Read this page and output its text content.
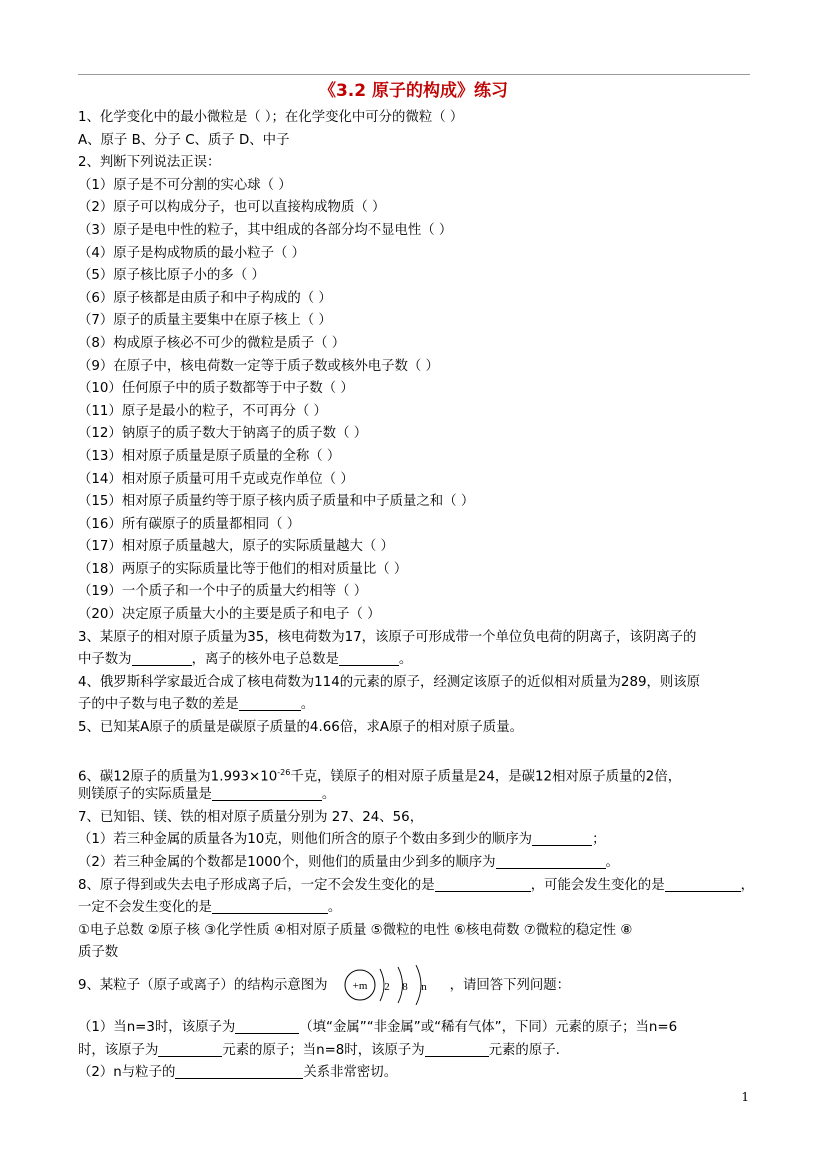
《3.2 原子的构成》练习
1、化学变化中的最小微粒是（ ）；在化学变化中可分的微粒（ ）
A、原子 B、分子 C、质子 D、中子
2、判断下列说法正误：
（1）原子是不可分割的实心球（ ）
（2）原子可以构成分子，也可以直接构成物质（ ）
（3）原子是电中性的粒子，其中组成的各部分均不显电性（ ）
（4）原子是构成物质的最小粒子（ ）
（5）原子核比原子小的多（ ）
（6）原子核都是由质子和中子构成的（ ）
（7）原子的质量主要集中在原子核上（ ）
（8）构成原子核必不可少的微粒是质子（ ）
（9）在原子中，核电荷数一定等于质子数或核外电子数（ ）
（10）任何原子中的质子数都等于中子数（ ）
（11）原子是最小的粒子，不可再分（ ）
（12）钠原子的质子数大于钠离子的质子数（ ）
（13）相对原子质量是原子质量的全称（ ）
（14）相对原子质量可用千克或克作单位（ ）
（15）相对原子质量约等于原子核内质子质量和中子质量之和（ ）
（16）所有碳原子的质量都相同（ ）
（17）相对原子质量越大，原子的实际质量越大（ ）
（18）两原子的实际质量比等于他们的相对质量比（ ）
（19）一个质子和一个中子的质量大约相等（ ）
（20）决定原子质量大小的主要是质子和电子（ ）
3、某原子的相对原子质量为35，核电荷数为17，该原子可形成带一个单位负电荷的阴离子，该阴离子的
中子数为	，离子的核外电子总数是	。
4、俄罗斯科学家最近合成了核电荷数为114的元素的原子，经测定该原子的近似相对质量为289，则该原
子的中子数与电子数的差是	。
5、已知某A原子的质量是碳原子质量的4.66倍，求A原子的相对原子质量。
6、碳12原子的质量为$1.993\times 10^{-26}$千克，镁原子的相对原子质量是24，是碳12相对原子质量的2倍，
则镁原子的实际质量是	。
7、已知铝、镁、铁的相对原子质量分别为 27、24、56，
（1）若三种金属的质量各为10克，则他们所含的原子个数由多到少的顺序为	；
（2）若三种金属的个数都是1000个，则他们的质量由少到多的顺序为	。
8、原子得到或失去电子形成离子后，一定不会发生变化的是	，可能会发生变化的是	，
一定不会发生变化的是	。
①电子总数 ②原子核 ③化学性质 ④相对原子质量 ⑤微粒的电性 ⑥核电荷数 ⑦微粒的稳定性 ⑧
质子数
9、某粒子（原子或离子）的结构示意图为 +m 2 8 n ，请回答下列问题：
（1）当n=3时，该原子为	（填“金属”“非金属”或“稀有气体”，下同）元素的原子；当n=6
时，该原子为	元素的原子；当n=8时，该原子为	元素的原子.
（2）n与粒子的	关系非常密切。
1
